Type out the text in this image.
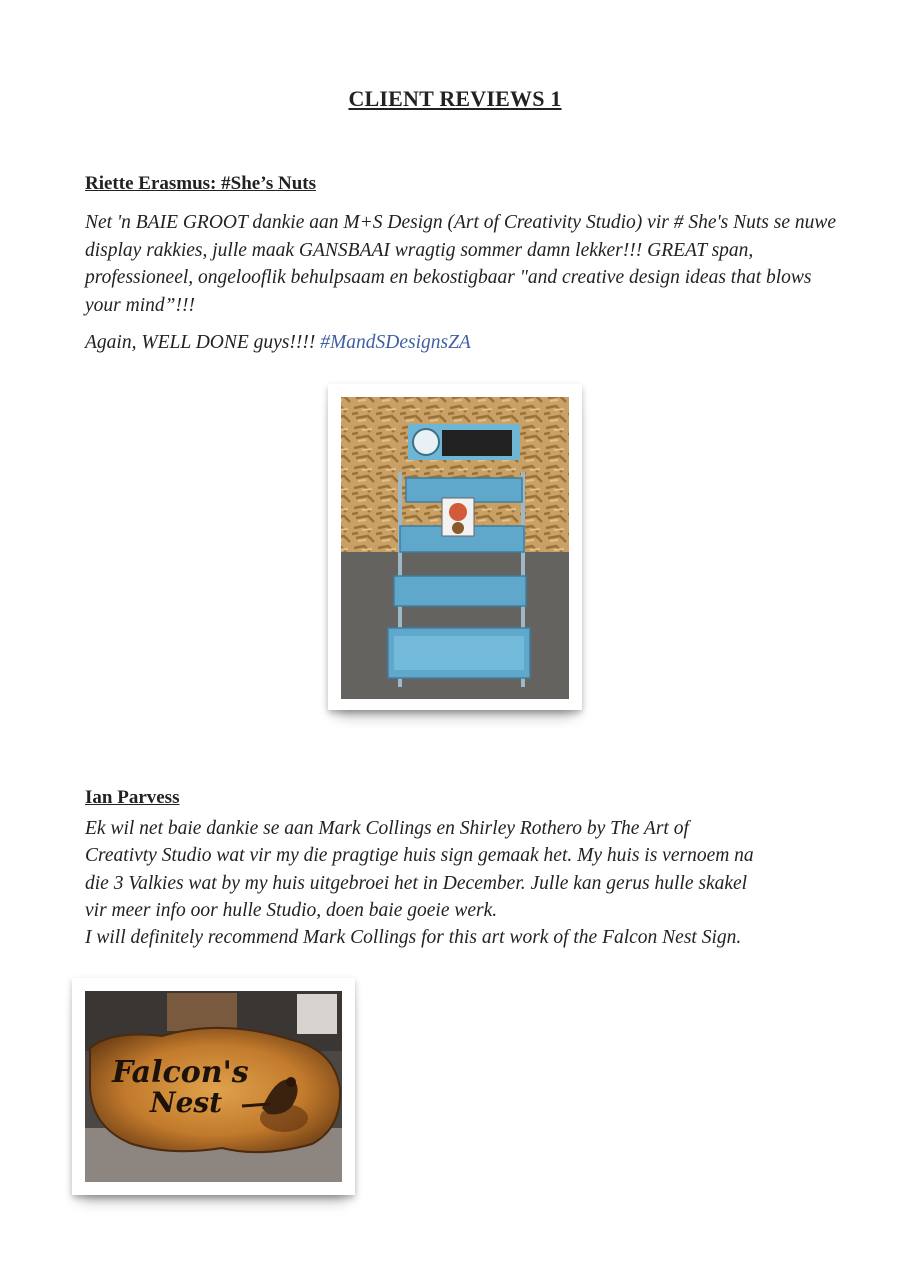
CLIENT REVIEWS 1
Riette Erasmus: #She’s Nuts

Net 'n BAIE GROOT dankie aan M+S Design (Art of Creativity Studio) vir # She's Nuts se nuwe display rakkies, julle maak GANSBAAI wragtig sommer damn lekker!!! GREAT span, professioneel, ongelooflik behulpsaam en bekostigbaar "and creative design ideas that blows your mind”!!!

Again, WELL DONE guys!!!! #MandSDesignsZA

Ian Parvess

Ek wil net baie dankie se aan Mark Collings en Shirley Rothero by The Art of

Creativty Studio wat vir my die pragtige huis sign gemaak het. My huis is vernoem na

die 3 Valkies wat by my huis uitgebroei het in December. Julle kan gerus hulle skakel

vir meer info oor hulle Studio, doen baie goeie werk.

I will definitely recommend Mark Collings for this art work of the Falcon Nest Sign.

Falcon's
Nest
